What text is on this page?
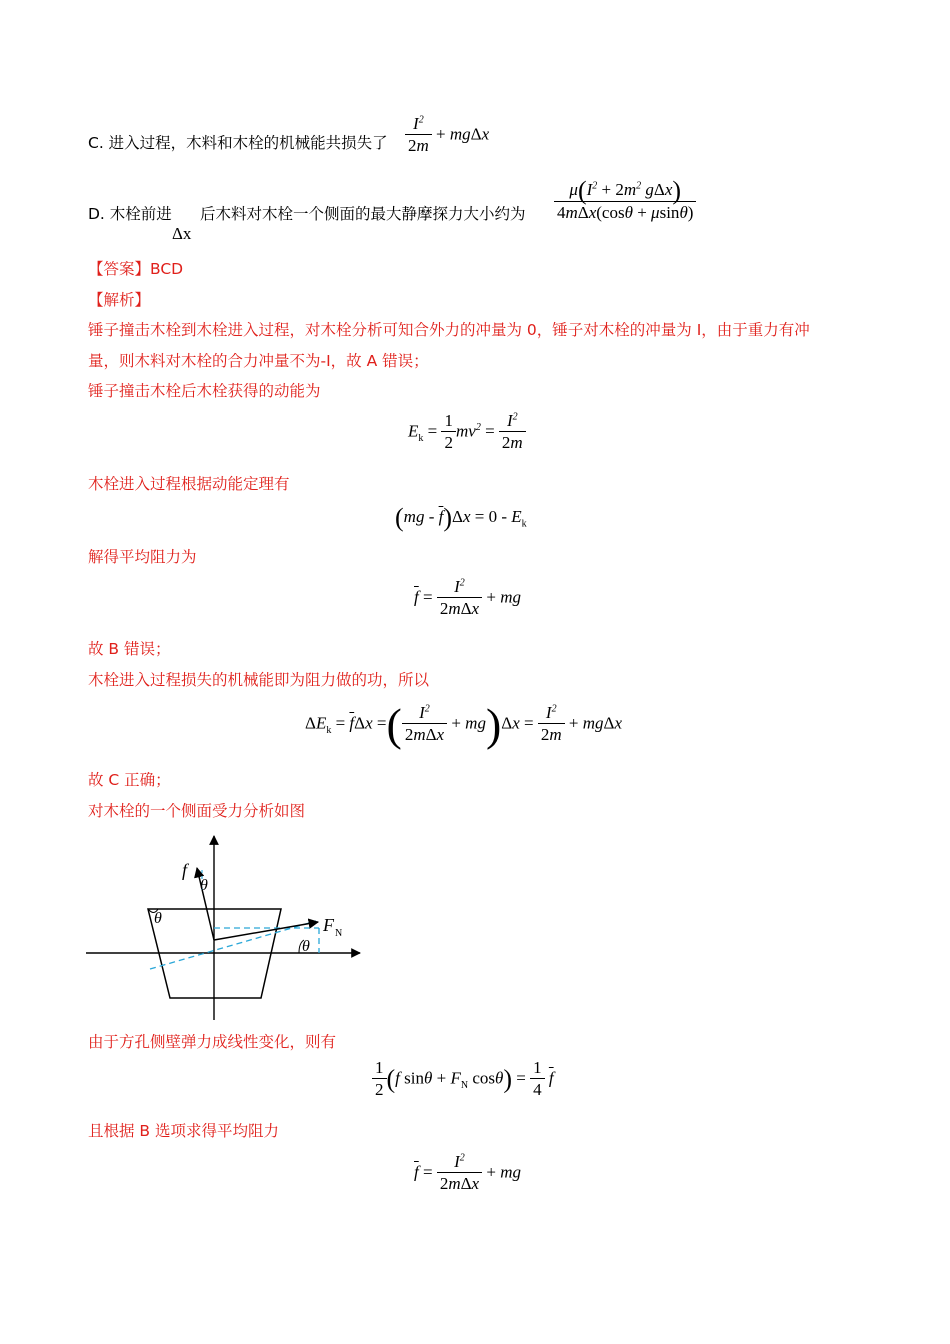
C. 进入过程，木料和木栓的机械能共损失了 $\frac{I^2}{2m} + mg\Delta x$
D. 木栓前进
Δx
后木料对木栓一个侧面的最大静摩探力大小约为 $\frac{\mu(I^2 + 2m^2 g\Delta x)}{\text{4mΔx(cosθ + μsinθ)}}$
【答案】BCD
【解析】
锤子撞击木栓到木栓进入过程，对木栓分析可知合外力的冲量为 0，锤子对木栓的冲量为 I，由于重力有冲
量，则木料对木栓的合力冲量不为-I，故 A 错误；
锤子撞击木栓后木栓获得的动能为
$E_k = \frac{1}{2} mv^2 = \frac{I^2}{2m}$
木栓进入过程根据动能定理有
$(mg - \overline{f})\Delta x = 0 - E_k$
解得平均阻力为
$\overline{f} = \frac{I^2}{\text{2mΔx}}$ + mg
故 B 错误；
木栓进入过程损失的机械能即为阻力做的功，所以
$\Delta E_k = \overline{f}\Delta x$ =( $\frac{I^2}{\text{2mΔx}} + mg)\Delta x = \frac{I^2}{2m} + mg\Delta x$
故 C 正确；
对木栓的一个侧面受力分析如图
f
θ
θ
θ
F N
由于方孔侧壁弹力成线性变化，则有
$\frac{1}{2} (f$ $\sin\theta + F_N$ $\cos\theta) = \frac{1}{4} \overline{f}$
且根据 B 选项求得平均阻力
$\overline{f} = \frac{I^2}{\text{2mΔx}}$ + mg
